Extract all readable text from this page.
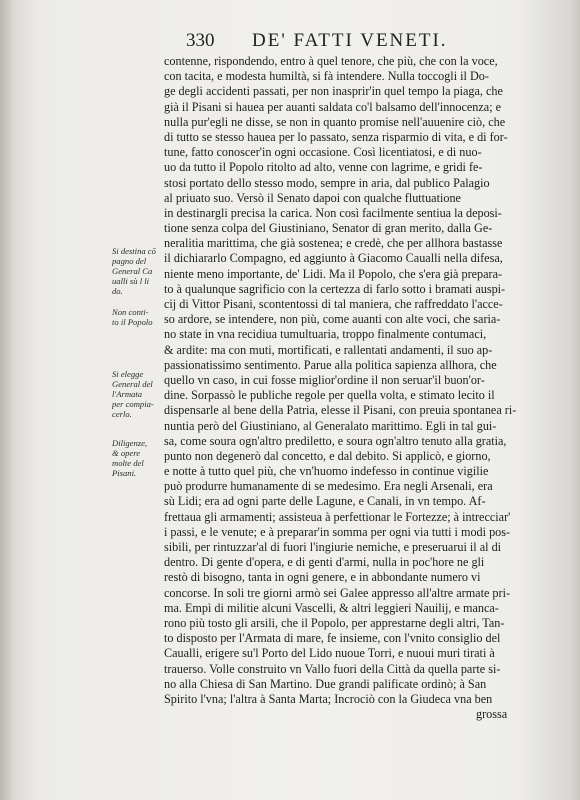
330 DE' FATTI VENETI.
contenne, rispondendo, entro à quel tenore, che più, che con la voce,
con tacita, e modesta humiltà, si fà intendere. Nulla toccogli il Do-
ge degli accidenti passati, per non inasprir'in quel tempo la piaga, che
già il Pisani si haueа per auanti saldata co'l balsamo dell'innocenza; e
nulla pur'egli ne disse, se non in quanto promise nell'auuenire ciò, che
di tutto se stesso haueа per lo passato, senza risparmio di vita, e di for-
tune, fatto conoscer'in ogni occasione. Così licentiatosi, e di nuo-
uo da tutto il Popolo ritolto ad alto, venne con lagrime, e gridi fe-
stosi portato dello stesso modo, sempre in aria, dal publico Palagio
al priuato suo. Versò il Senato dapoi con qualche fluttuatione
in destinargli precisa la carica. Non così facilmente sentiua la deposi-
tione senza colpa del Giustiniano, Senator di gran merito, dalla Ge-
neralitia marittima, che già sosteneа; e credè, che per allhora bastasse
il dichiararlo Compagno, ed aggiunto à Giacomo Caualli nella difesa,
niente meno importante, de' Lidi. Ma il Popolo, che s'era già prepara-
to à qualunque sagrificio con la certezza di farlo sotto i bramati auspi-
cij di Vittor Pisani, scontentossi di tal maniera, che raffreddato l'acce-
so ardore, se intendere, non più, come auanti con alte voci, che saria-
no state in vna recidiua tumultuaria, troppo finalmente contumaci,
& ardite: ma con muti, mortificati, e rallentati andamenti, il suo ap-
passionatissimo sentimento. Parue alla politica sapienza allhora, che
quello vn caso, in cui fosse miglior'ordine il non seruar'il buon'or-
dine. Sorpassò le publiche regole per quella volta, e stimato lecito il
dispensarle al bene della Patria, elesse il Pisani, con preuia spontanea ri-
nuntia però del Giustiniano, al Generalato marittimo. Egli in tal gui-
sa, come soura ogn'altro prediletto, e soura ogn'altro tenuto alla gratia,
punto non degenerò dal concetto, e dal debito. Si applicò, e giorno,
e notte à tutto quel più, che vn'huomo indefesso in continue vigilie
può produrre humanamente di se medesimo. Era negli Arsenali, era
sù Lidi; era ad ogni parte delle Lagune, e Canali, in vn tempo. Af-
frettaua gli armamenti; assisteua à perfettionar le Fortezze; à intrecciar'
i passi, e le venute; e à preparar'in somma per ogni via tutti i modi pos-
sibili, per rintuzzar'al di fuori l'ingiurie nemiche, e preseruarui il al di
dentro. Di gente d'opera, e di genti d'armi, nulla in poc'hore ne gli
restò di bisogno, tanta in ogni genere, e in abbondante numero vi
concorse. In soli tre giorni armò sei Galee appresso all'altre armate pri-
ma. Empì di militie alcuni Vascelli, & altri leggieri Nauilij, e manca-
rono più tosto gli arsili, che il Popolo, per apprestarne degli altri, Tan-
to disposto per l'Armata di mare, fe insieme, con l'vnito consiglio del
Caualli, erigere su'l Porto del Lido nuoue Torri, e nuoui muri tirati à
trauerso. Volle construito vn Vallo fuori della Città da quella parte si-
no alla Chiesa di San Martino. Due grandi palificate ordinò; à San
Spirito l'vna; l'altra à Santa Marta; Incrociò con la Giudeca vna ben
grossa
Si destina cō
pagno del
General Ca
ualli sù l li
do.
Non conti-
to il Popolo
Si elegge
General del
l'Armata
per compia-
cerlo.
Diligenze,
& opere
molte del
Pisani.
